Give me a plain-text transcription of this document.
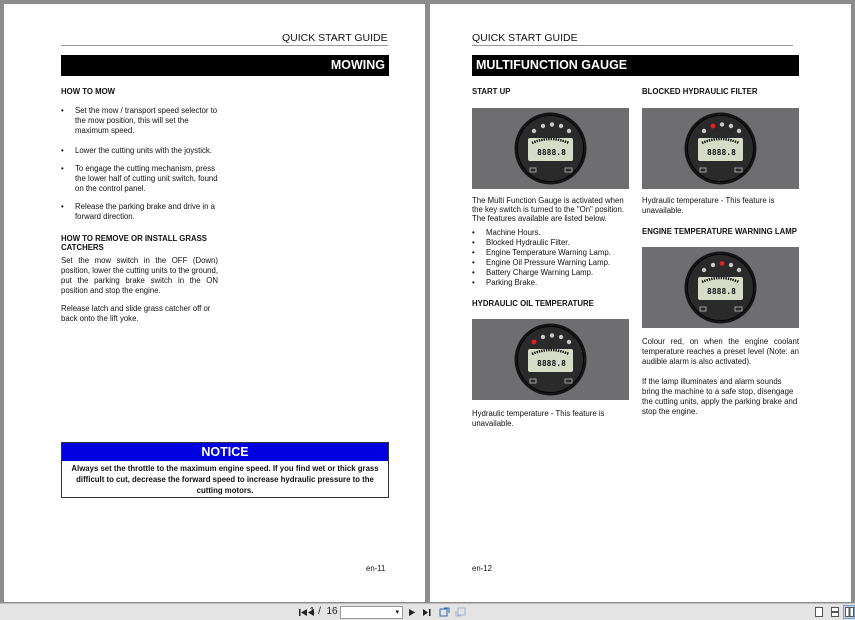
QUICK START GUIDE
MOWING
HOW TO MOW
• Set the mow / transport speed selector to the mow position, this will set the maximum speed.
• Lower the cutting units with the joystick.
• To engage the cutting mechanism, press the lower half of cutting unit switch, found on the control panel.
• Release the parking brake and drive in a forward direction.
HOW TO REMOVE OR INSTALL GRASS CATCHERS
Set the mow switch in the OFF (Down) position, lower the cutting units to the ground, put the parking brake switch in the ON position and stop the engine.
Release latch and slide grass catcher off or back onto the lift yoke.
NOTICE
Always set the throttle to the maximum engine speed. If you find wet or thick grass difficult to cut, decrease the forward speed to increase hydraulic pressure to the cutting motors.
en-11
QUICK START GUIDE
MULTIFUNCTION GAUGE
START UP
8888.8
The Multi Function Gauge is activated when the key switch is turned to the "On" position. The features available are listed below.
• Machine Hours.
• Blocked Hydraulic Filter.
• Engine Temperature Warning Lamp.
• Engine Oil Pressure Warning Lamp.
• Battery Charge Warning Lamp.
• Parking Brake.
HYDRAULIC OIL TEMPERATURE
8888.8
Hydraulic temperature - This feature is unavailable.
BLOCKED HYDRAULIC FILTER
8888.8
Hydraulic temperature - This feature is unavailable.
ENGINE TEMPERATURE WARNING LAMP
8888.8
Colour red, on when the engine coolant temperature reaches a preset level (Note: an audible alarm is also activated).
If the lamp illuminates and alarm sounds bring the machine to a safe stop, disengage the cutting units, apply the parking brake and stop the engine.
en-12
1 / 16	▾
